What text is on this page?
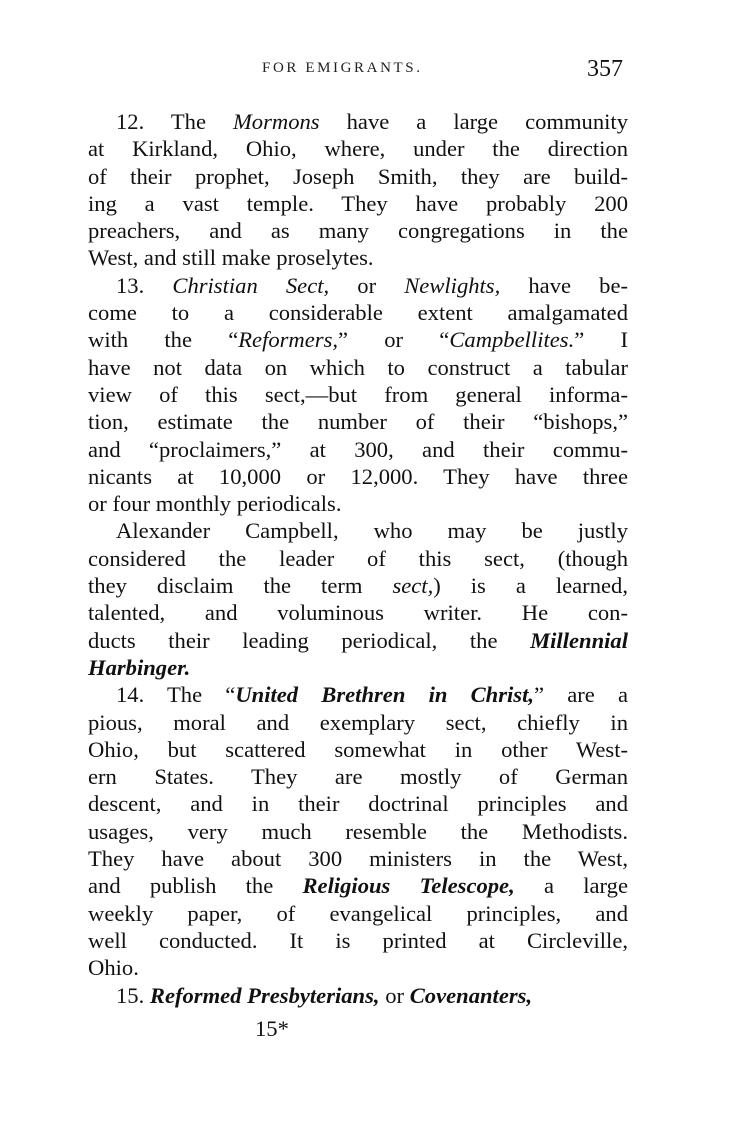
FOR EMIGRANTS.	357
12. The Mormons have a large community
at Kirkland, Ohio, where, under the direction
of their prophet, Joseph Smith, they are build-
ing a vast temple. They have probably 200
preachers, and as many congregations in the
West, and still make proselytes.
13. Christian Sect, or Newlights, have be-
come to a considerable extent amalgamated
with the “Reformers,” or “Campbellites.” I
have not data on which to construct a tabular
view of this sect,—but from general informa-
tion, estimate the number of their “bishops,”
and “proclaimers,” at 300, and their commu-
nicants at 10,000 or 12,000. They have three
or four monthly periodicals.
Alexander Campbell, who may be justly
considered the leader of this sect, (though
they disclaim the term sect,) is a learned,
talented, and voluminous writer. He con-
ducts their leading periodical, the Millennial
Harbinger.
14. The “United Brethren in Christ,” are a
pious, moral and exemplary sect, chiefly in
Ohio, but scattered somewhat in other West-
ern States. They are mostly of German
descent, and in their doctrinal principles and
usages, very much resemble the Methodists.
They have about 300 ministers in the West,
and publish the Religious Telescope, a large
weekly paper, of evangelical principles, and
well conducted. It is printed at Circleville,
Ohio.
15. Reformed Presbyterians, or Covenanters,
15*
